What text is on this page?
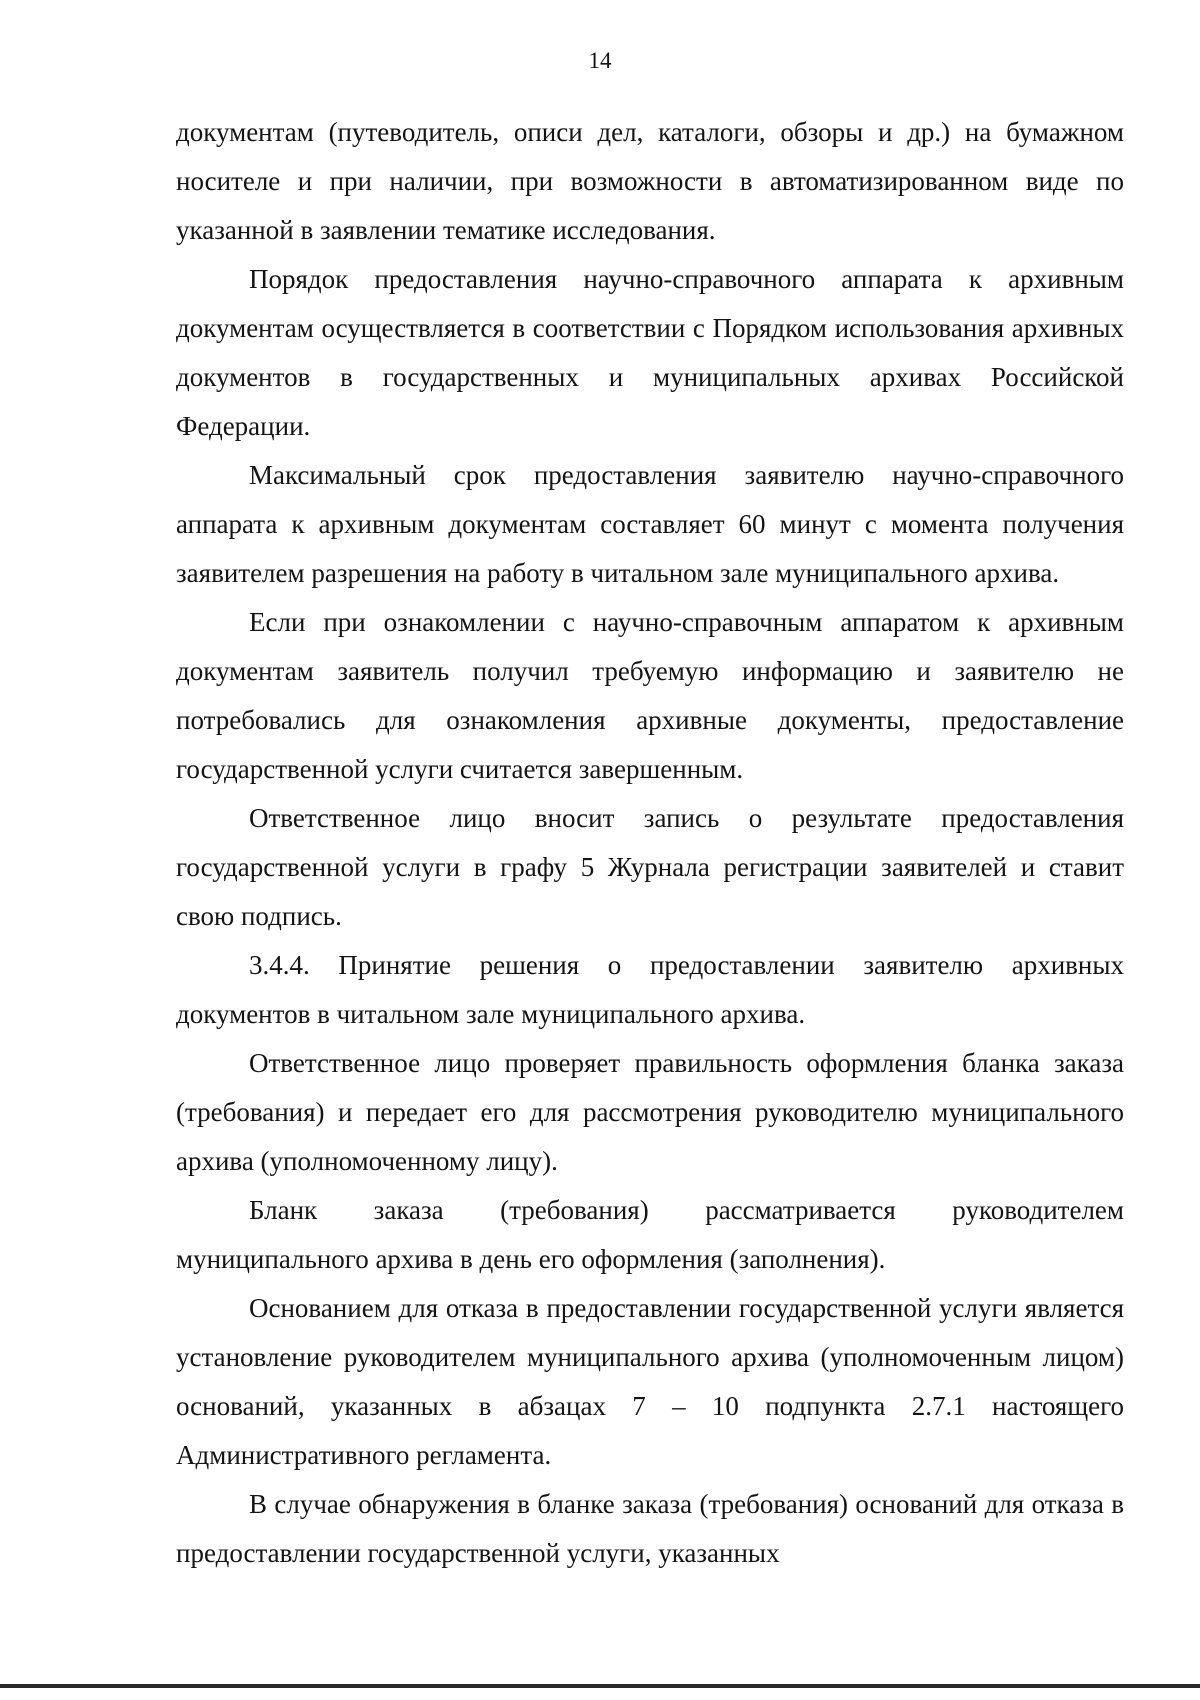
14

документам (путеводитель, описи дел, каталоги, обзоры и др.) на бумажном носителе и при наличии, при возможности в автоматизированном виде по указанной в заявлении тематике исследования.

Порядок предоставления научно-справочного аппарата к архивным документам осуществляется в соответствии с Порядком использования архивных документов в государственных и муниципальных архивах Российской Федерации.

Максимальный срок предоставления заявителю научно-справочного аппарата к архивным документам составляет 60 минут с момента получения заявителем разрешения на работу в читальном зале муниципального архива.

Если при ознакомлении с научно-справочным аппаратом к архивным документам заявитель получил требуемую информацию и заявителю не потребовались для ознакомления архивные документы, предоставление государственной услуги считается завершенным.

Ответственное лицо вносит запись о результате предоставления государственной услуги в графу 5 Журнала регистрации заявителей и ставит свою подпись.

3.4.4. Принятие решения о предоставлении заявителю архивных документов в читальном зале муниципального архива.

Ответственное лицо проверяет правильность оформления бланка заказа (требования) и передает его для рассмотрения руководителю муниципального архива (уполномоченному лицу).

Бланк заказа (требования) рассматривается руководителем муниципального архива в день его оформления (заполнения).

Основанием для отказа в предоставлении государственной услуги является установление руководителем муниципального архива (уполномоченным лицом) оснований, указанных в абзацах 7 – 10 подпункта 2.7.1 настоящего Административного регламента.

В случае обнаружения в бланке заказа (требования) оснований для отказа в предоставлении государственной услуги, указанных
